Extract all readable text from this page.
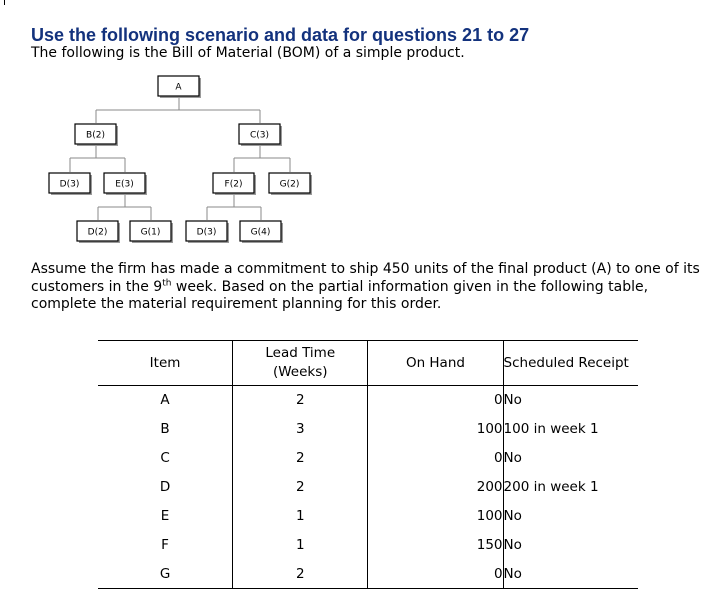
Use the following scenario and data for questions 21 to 27

The following is the Bill of Material (BOM) of a simple product.

A
B(2)	C(3)
D(3)	E(3)	F(2)	G(2)
D(2)	G(1)	D(3)	G(4)

Assume the firm has made a commitment to ship 450 units of the final product (A) to one of its customers in the 9th week. Based on the partial information given in the following table, complete the material requirement planning for this order.

Item	Lead Time
(Weeks)	On Hand	Scheduled Receipt
A	2	0	No
B	3	100	100 in week 1
C	2	0	No
D	2	200	200 in week 1
E	1	100	No
F	1	150	No
G	2	0	No
